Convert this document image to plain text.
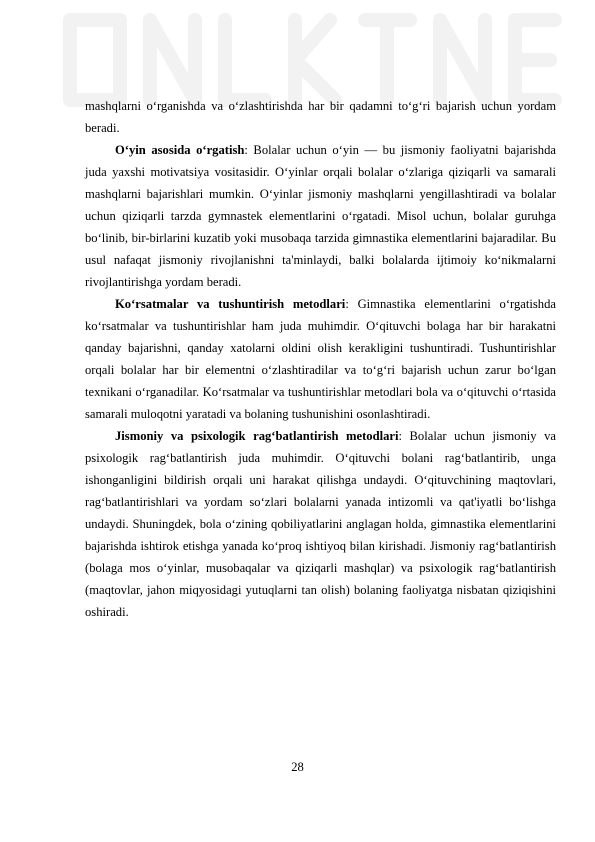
mashqlarni o‘rganishda va o‘zlashtirishda har bir qadamni to‘g‘ri bajarish uchun yordam beradi.

O‘yin asosida o‘rgatish: Bolalar uchun o‘yin — bu jismoniy faoliyatni bajarishda juda yaxshi motivatsiya vositasidir. O‘yinlar orqali bolalar o‘zlariga qiziqarli va samarali mashqlarni bajarishlari mumkin. O‘yinlar jismoniy mashqlarni yengillashtiradi va bolalar uchun qiziqarli tarzda gymnastek elementlarini o‘rgatadi. Misol uchun, bolalar guruhga bo‘linib, bir-birlarini kuzatib yoki musobaqa tarzida gimnastika elementlarini bajaradilar. Bu usul nafaqat jismoniy rivojlanishni ta'minlaydi, balki bolalarda ijtimoiy ko‘nikmalarni rivojlantirishga yordam beradi.

Ko‘rsatmalar va tushuntirish metodlari: Gimnastika elementlarini o‘rgatishda ko‘rsatmalar va tushuntirishlar ham juda muhimdir. O‘qituvchi bolaga har bir harakatni qanday bajarishni, qanday xatolarni oldini olish kerakligini tushuntiradi. Tushuntirishlar orqali bolalar har bir elementni o‘zlashtiradilar va to‘g‘ri bajarish uchun zarur bo‘lgan texnikani o‘rganadilar. Ko‘rsatmalar va tushuntirishlar metodlari bola va o‘qituvchi o‘rtasida samarali muloqotni yaratadi va bolaning tushunishini osonlashtiradi.

Jismoniy va psixologik rag‘batlantirish metodlari: Bolalar uchun jismoniy va psixologik rag‘batlantirish juda muhimdir. O‘qituvchi bolani rag‘batlantirib, unga ishonganligini bildirish orqali uni harakat qilishga undaydi. O‘qituvchining maqtovlari, rag‘batlantirishlari va yordam so‘zlari bolalarni yanada intizomli va qat'iyatli bo‘lishga undaydi. Shuningdek, bola o‘zining qobiliyatlarini anglagan holda, gimnastika elementlarini bajarishda ishtirok etishga yanada ko‘proq ishtiyoq bilan kirishadi. Jismoniy rag‘batlantirish (bolaga mos o‘yinlar, musobaqalar va qiziqarli mashqlar) va psixologik rag‘batlantirish (maqtovlar, jahon miqyosidagi yutuqlarni tan olish) bolaning faoliyatga nisbatan qiziqishini oshiradi.

28
